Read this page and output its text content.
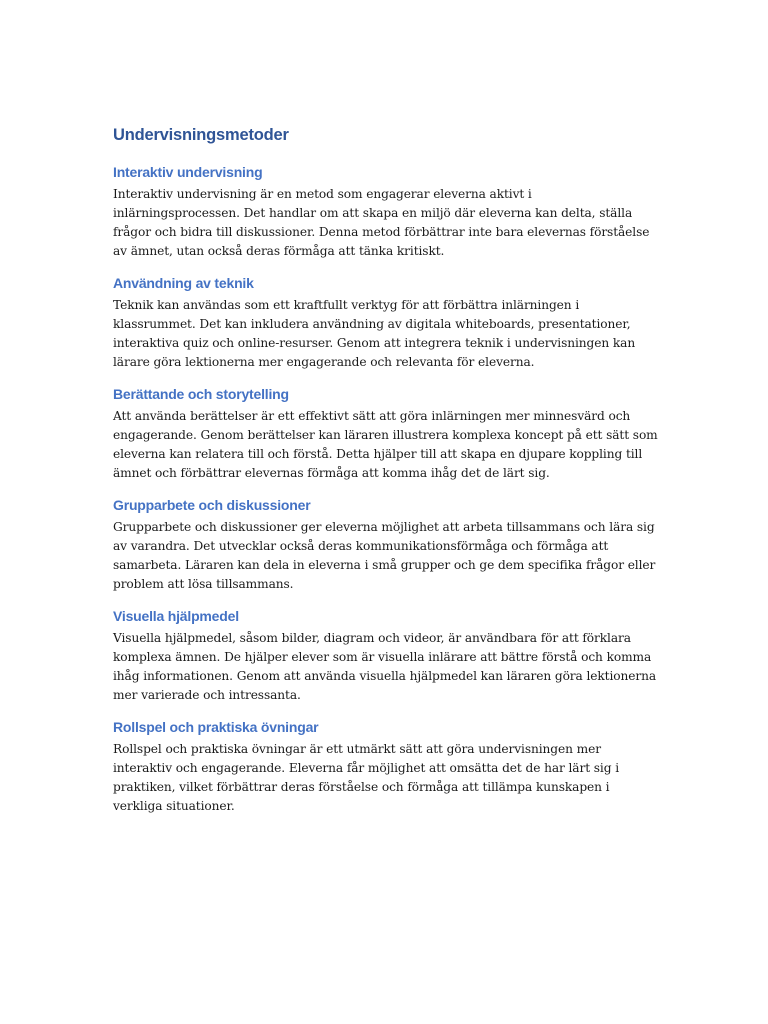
Undervisningsmetoder
Interaktiv undervisning

Interaktiv undervisning är en metod som engagerar eleverna aktivt i inlärningsprocessen. Det handlar om att skapa en miljö där eleverna kan delta, ställa frågor och bidra till diskussioner. Denna metod förbättrar inte bara elevernas förståelse av ämnet, utan också deras förmåga att tänka kritiskt.

Användning av teknik

Teknik kan användas som ett kraftfullt verktyg för att förbättra inlärningen i klassrummet. Det kan inkludera användning av digitala whiteboards, presentationer, interaktiva quiz och online-resurser. Genom att integrera teknik i undervisningen kan lärare göra lektionerna mer engagerande och relevanta för eleverna.

Berättande och storytelling

Att använda berättelser är ett effektivt sätt att göra inlärningen mer minnesvärd och engagerande. Genom berättelser kan läraren illustrera komplexa koncept på ett sätt som eleverna kan relatera till och förstå. Detta hjälper till att skapa en djupare koppling till ämnet och förbättrar elevernas förmåga att komma ihåg det de lärt sig.

Grupparbete och diskussioner

Grupparbete och diskussioner ger eleverna möjlighet att arbeta tillsammans och lära sig av varandra. Det utvecklar också deras kommunikationsförmåga och förmåga att samarbeta. Läraren kan dela in eleverna i små grupper och ge dem specifika frågor eller problem att lösa tillsammans.

Visuella hjälpmedel

Visuella hjälpmedel, såsom bilder, diagram och videor, är användbara för att förklara komplexa ämnen. De hjälper elever som är visuella inlärare att bättre förstå och komma ihåg informationen. Genom att använda visuella hjälpmedel kan läraren göra lektionerna mer varierade och intressanta.

Rollspel och praktiska övningar

Rollspel och praktiska övningar är ett utmärkt sätt att göra undervisningen mer interaktiv och engagerande. Eleverna får möjlighet att omsätta det de har lärt sig i praktiken, vilket förbättrar deras förståelse och förmåga att tillämpa kunskapen i verkliga situationer.
